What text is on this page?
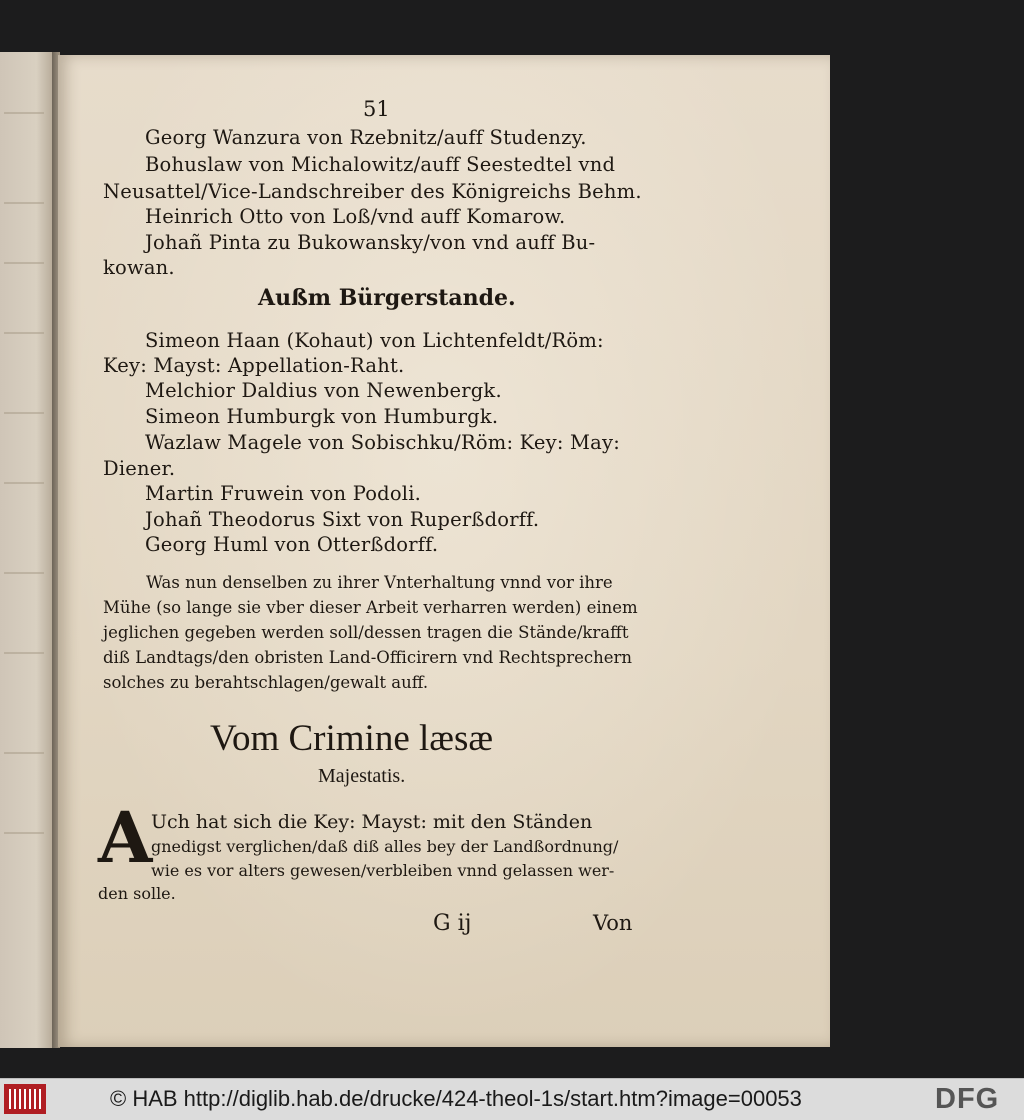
51
Georg Wanzura von Rzebnitz/auff Studenzy.
Bohuslaw von Michalowitz/auff Seestedtel vnd
Neusattel/Vice-Landschreiber des Königreichs Behm.
Heinrich Otto von Loß/vnd auff Komarow.
Johañ Pinta zu Bukowansky/von vnd auff Bu-
kowan.
Außm Bürgerstande.
Simeon Haan (Kohaut) von Lichtenfeldt/Röm:
Key: Mayst: Appellation-Raht.
Melchior Daldius von Newenbergk.
Simeon Humburgk von Humburgk.
Wazlaw Magele von Sobischku/Röm: Key: May:
Diener.
Martin Fruwein von Podoli.
Johañ Theodorus Sixt von Ruperßdorff.
Georg Huml von Otterßdorff.
Was nun denselben zu ihrer Vnterhaltung vnnd vor ihre
Mühe (so lange sie vber dieser Arbeit verharren werden) einem
jeglichen gegeben werden soll/dessen tragen die Stände/krafft
diß Landtags/den obristen Land-Officirern vnd Rechtsprechern
solches zu berahtschlagen/gewalt auff.
Vom Crimine læsæ
Majestatis.
A
Uch hat sich die Key: Mayst: mit den Ständen
gnedigst verglichen/daß diß alles bey der Landßordnung/
wie es vor alters gewesen/verbleiben vnnd gelassen wer-
den solle.
G ij	Von
© HAB http://diglib.hab.de/drucke/424-theol-1s/start.htm?image=00053	DFG
